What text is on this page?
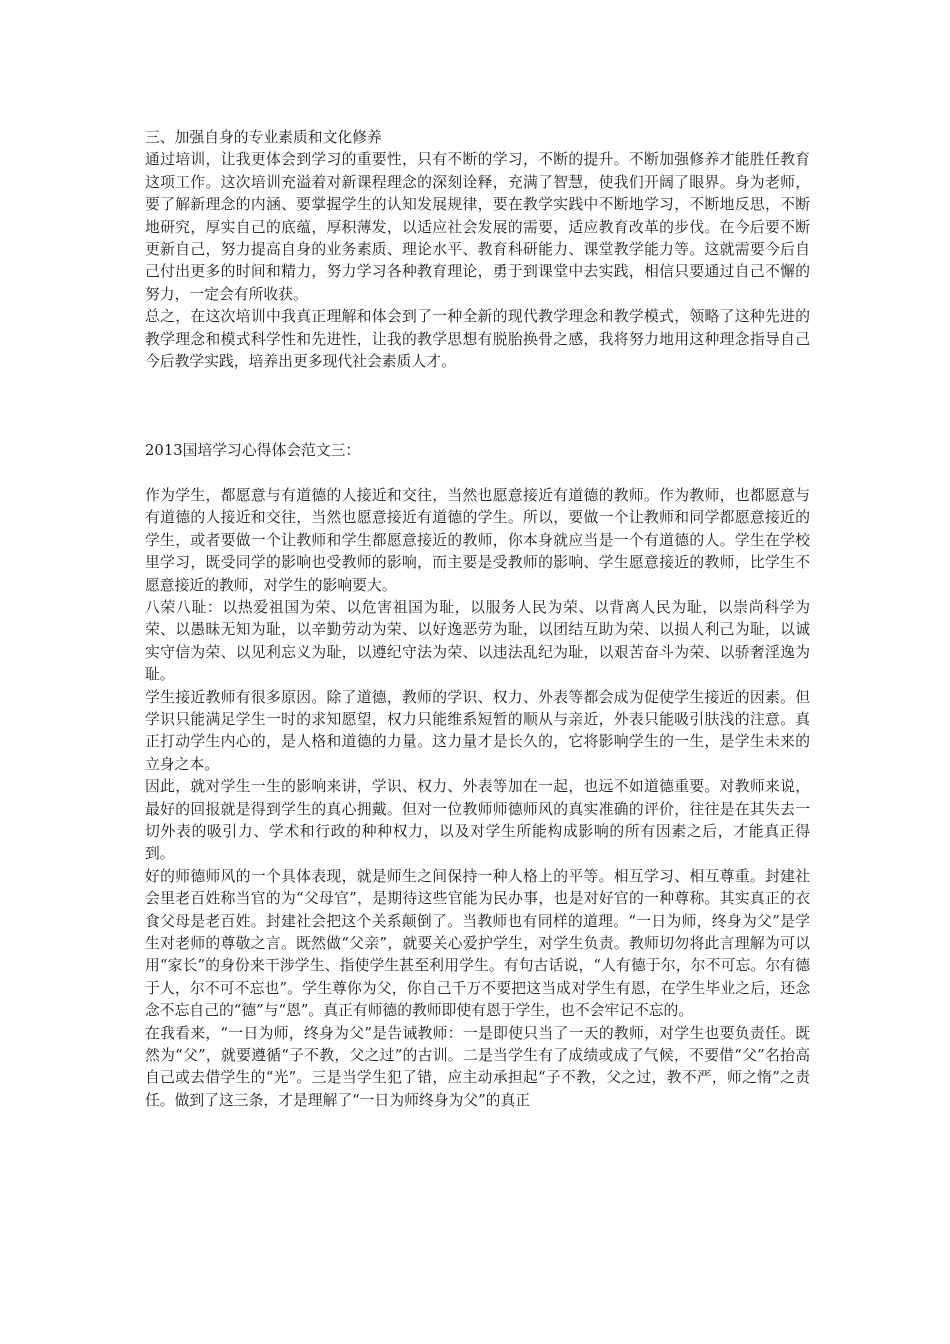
三、加强自身的专业素质和文化修养

通过培训，让我更体会到学习的重要性，只有不断的学习，不断的提升。不断加强修养才能胜任教育这项工作。这次培训充溢着对新课程理念的深刻诠释，充满了智慧，使我们开阔了眼界。身为老师，要了解新理念的内涵、要掌握学生的认知发展规律，要在教学实践中不断地学习，不断地反思，不断地研究，厚实自己的底蕴，厚积薄发，以适应社会发展的需要，适应教育改革的步伐。在今后要不断更新自己，努力提高自身的业务素质、理论水平、教育科研能力、课堂教学能力等。这就需要今后自己付出更多的时间和精力，努力学习各种教育理论，勇于到课堂中去实践，相信只要通过自己不懈的努力，一定会有所收获。

总之，在这次培训中我真正理解和体会到了一种全新的现代教学理念和教学模式，领略了这种先进的教学理念和模式科学性和先进性，让我的教学思想有脱胎换骨之感，我将努力地用这种理念指导自己今后教学实践，培养出更多现代社会素质人才。

2013国培学习心得体会范文三：

作为学生，都愿意与有道德的人接近和交往，当然也愿意接近有道德的教师。作为教师，也都愿意与有道德的人接近和交往，当然也愿意接近有道德的学生。所以，要做一个让教师和同学都愿意接近的学生，或者要做一个让教师和学生都愿意接近的教师，你本身就应当是一个有道德的人。学生在学校里学习，既受同学的影响也受教师的影响，而主要是受教师的影响、学生愿意接近的教师，比学生不愿意接近的教师，对学生的影响要大。

八荣八耻：以热爱祖国为荣、以危害祖国为耻，以服务人民为荣、以背离人民为耻，以崇尚科学为荣、以愚昧无知为耻，以辛勤劳动为荣、以好逸恶劳为耻，以团结互助为荣、以损人利己为耻，以诚实守信为荣、以见利忘义为耻，以遵纪守法为荣、以违法乱纪为耻，以艰苦奋斗为荣、以骄奢淫逸为耻。

学生接近教师有很多原因。除了道德，教师的学识、权力、外表等都会成为促使学生接近的因素。但学识只能满足学生一时的求知愿望，权力只能维系短暂的顺从与亲近，外表只能吸引肤浅的注意。真正打动学生内心的，是人格和道德的力量。这力量才是长久的，它将影响学生的一生，是学生未来的立身之本。

因此，就对学生一生的影响来讲，学识、权力、外表等加在一起，也远不如道德重要。对教师来说，最好的回报就是得到学生的真心拥戴。但对一位教师师德师风的真实准确的评价，往往是在其失去一切外表的吸引力、学术和行政的种种权力，以及对学生所能构成影响的所有因素之后，才能真正得到。

好的师德师风的一个具体表现，就是师生之间保持一种人格上的平等。相互学习、相互尊重。封建社会里老百姓称当官的为“父母官”，是期待这些官能为民办事，也是对好官的一种尊称。其实真正的衣食父母是老百姓。封建社会把这个关系颠倒了。当教师也有同样的道理。“一日为师，终身为父”是学生对老师的尊敬之言。既然做“父亲”，就要关心爱护学生，对学生负责。教师切勿将此言理解为可以用“家长”的身份来干涉学生、指使学生甚至利用学生。有句古话说，“人有德于尔，尔不可忘。尔有德于人，尔不可不忘也”。学生尊你为父，你自己千万不要把这当成对学生有恩，在学生毕业之后，还念念不忘自己的“德”与“恩”。真正有师德的教师即使有恩于学生，也不会牢记不忘的。

在我看来，“一日为师，终身为父”是告诫教师：一是即使只当了一天的教师，对学生也要负责任。既然为“父”，就要遵循“子不教，父之过”的古训。二是当学生有了成绩或成了气候，不要借“父”名抬高自己或去借学生的“光”。三是当学生犯了错，应主动承担起“子不教，父之过，教不严，师之惰”之责任。做到了这三条，才是理解了“一日为师终身为父”的真正
